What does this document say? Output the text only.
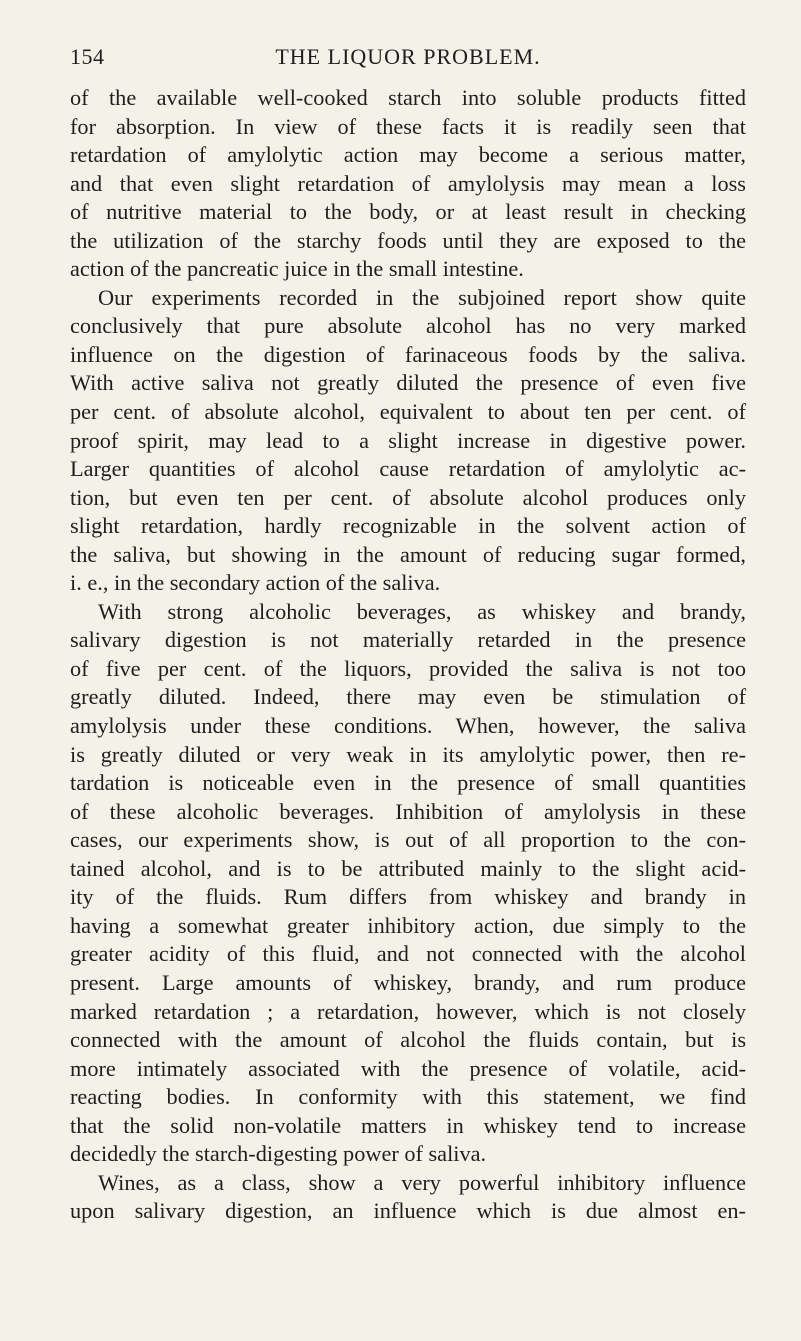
154	THE LIQUOR PROBLEM.
of the available well-cooked starch into soluble products fitted
for absorption. In view of these facts it is readily seen that
retardation of amylolytic action may become a serious matter,
and that even slight retardation of amylolysis may mean a loss
of nutritive material to the body, or at least result in checking
the utilization of the starchy foods until they are exposed to the
action of the pancreatic juice in the small intestine.
Our experiments recorded in the subjoined report show quite
conclusively that pure absolute alcohol has no very marked
influence on the digestion of farinaceous foods by the saliva.
With active saliva not greatly diluted the presence of even five
per cent. of absolute alcohol, equivalent to about ten per cent. of
proof spirit, may lead to a slight increase in digestive power.
Larger quantities of alcohol cause retardation of amylolytic ac-
tion, but even ten per cent. of absolute alcohol produces only
slight retardation, hardly recognizable in the solvent action of
the saliva, but showing in the amount of reducing sugar formed,
i. e., in the secondary action of the saliva.
With strong alcoholic beverages, as whiskey and brandy,
salivary digestion is not materially retarded in the presence
of five per cent. of the liquors, provided the saliva is not too
greatly diluted. Indeed, there may even be stimulation of
amylolysis under these conditions. When, however, the saliva
is greatly diluted or very weak in its amylolytic power, then re-
tardation is noticeable even in the presence of small quantities
of these alcoholic beverages. Inhibition of amylolysis in these
cases, our experiments show, is out of all proportion to the con-
tained alcohol, and is to be attributed mainly to the slight acid-
ity of the fluids. Rum differs from whiskey and brandy in
having a somewhat greater inhibitory action, due simply to the
greater acidity of this fluid, and not connected with the alcohol
present. Large amounts of whiskey, brandy, and rum produce
marked retardation ; a retardation, however, which is not closely
connected with the amount of alcohol the fluids contain, but is
more intimately associated with the presence of volatile, acid-
reacting bodies. In conformity with this statement, we find
that the solid non-volatile matters in whiskey tend to increase
decidedly the starch-digesting power of saliva.
Wines, as a class, show a very powerful inhibitory influence
upon salivary digestion, an influence which is due almost en-
